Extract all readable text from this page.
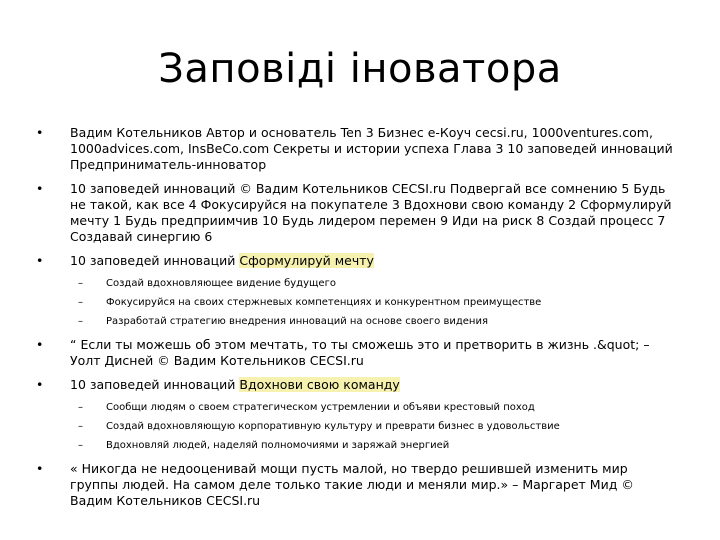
Заповіді іноватора
•	Вадим Котельников Автор и основатель Ten 3 Бизнес e-Коуч cecsi.ru, 1000ventures.com, 1000advices.com, InsBeCo.com Секреты и истории успеха Глава 3 10 заповедей инноваций Предприниматель-инноватор
•	10 заповедей инноваций © Вадим Котельников CECSI.ru Подвергай все сомнению 5 Будь не такой, как все 4 Фокусируйся на покупателе 3 Вдохнови свою команду 2 Сформулируй мечту 1 Будь предприимчив 10 Будь лидером перемен 9 Иди на риск 8 Создай процесс 7 Создавай синергию 6
•	10 заповедей инноваций Сформулируй мечту
– Создай вдохновляющее видение будущего
– Фокусируйся на своих стержневых компетенциях и конкурентном преимуществе
– Разработай стратегию внедрения инноваций на основе своего видения
•	“ Если ты можешь об этом мечтать, то ты сможешь это и претворить в жизнь .&quot; – Уолт Дисней © Вадим Котельников CECSI.ru
•	10 заповедей инноваций Вдохнови свою команду
– Сообщи людям о своем стратегическом устремлении и объяви крестовый поход
– Создай вдохновляющую корпоративную культуру и преврати бизнес в удовольствие
– Вдохновляй людей, наделяй полномочиями и заряжай энергией
•	« Никогда не недооценивай мощи пусть малой, но твердо решившей изменить мир группы людей. На самом деле только такие люди и меняли мир.» – Маргарет Мид © Вадим Котельников CECSI.ru
